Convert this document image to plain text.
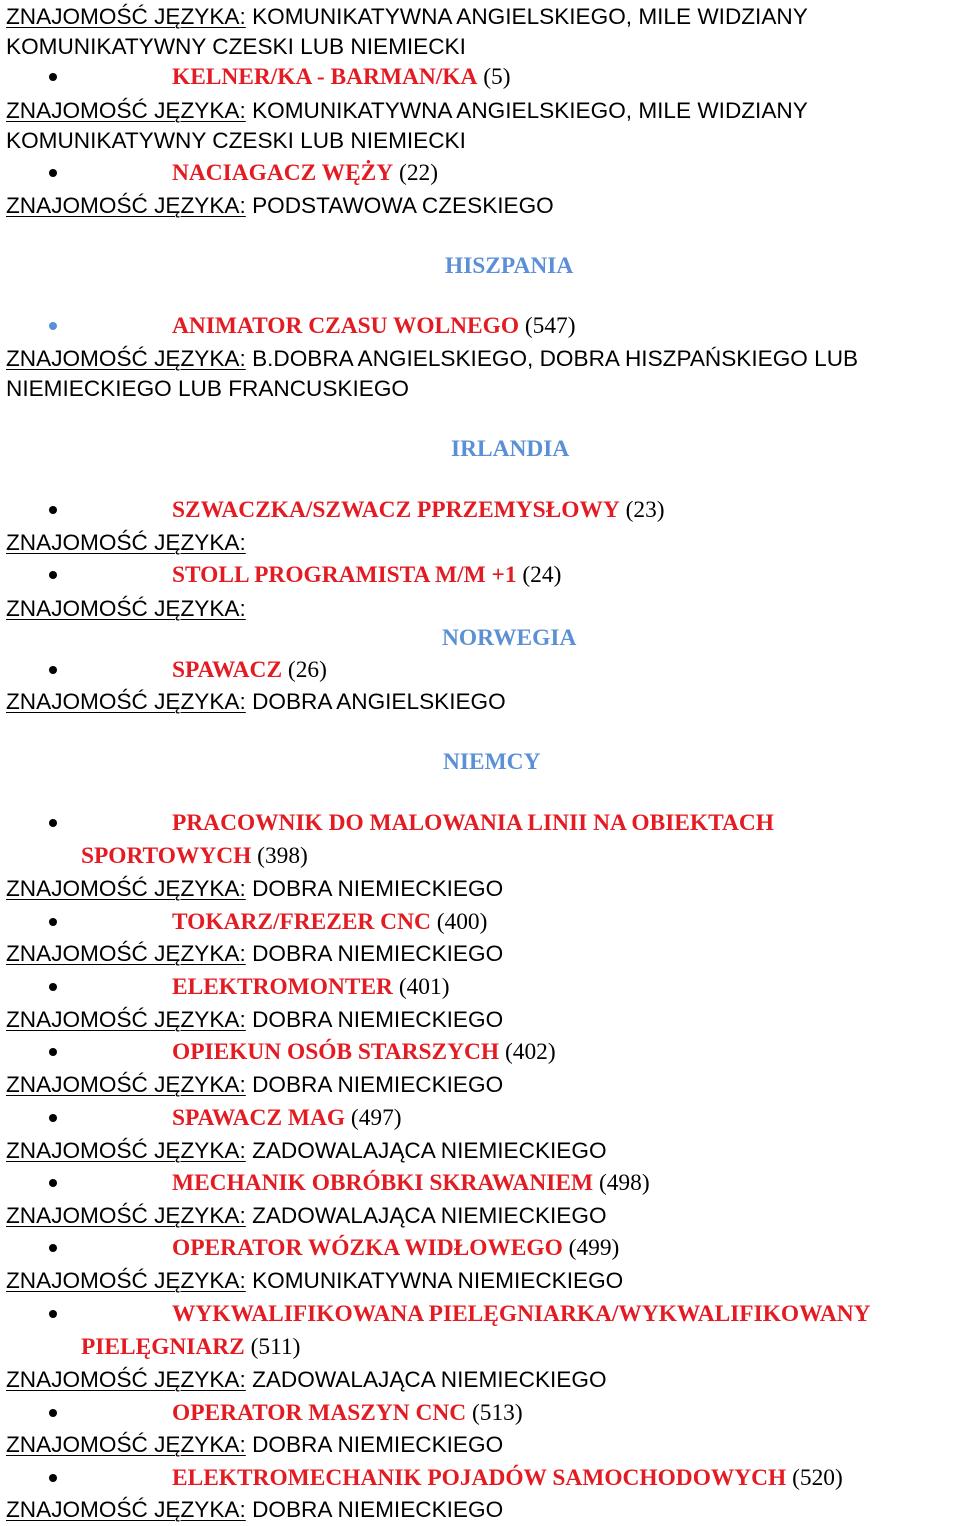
ZNAJOMOŚĆ JĘZYKA: KOMUNIKATYWNA ANGIELSKIEGO, MILE WIDZIANY
KOMUNIKATYWNY CZESKI LUB NIEMIECKI
KELNER/KA - BARMAN/KA (5)
ZNAJOMOŚĆ JĘZYKA: KOMUNIKATYWNA ANGIELSKIEGO, MILE WIDZIANY
KOMUNIKATYWNY CZESKI LUB NIEMIECKI
NACIAGACZ WĘŻY (22)
ZNAJOMOŚĆ JĘZYKA: PODSTAWOWA CZESKIEGO
HISZPANIA
ANIMATOR CZASU WOLNEGO (547)
ZNAJOMOŚĆ JĘZYKA: B.DOBRA ANGIELSKIEGO, DOBRA HISZPAŃSKIEGO LUB
NIEMIECKIEGO LUB FRANCUSKIEGO
IRLANDIA
SZWACZKA/SZWACZ PPRZEMYSŁOWY (23)
ZNAJOMOŚĆ JĘZYKA:
STOLL PROGRAMISTA M/M +1 (24)
ZNAJOMOŚĆ JĘZYKA:
NORWEGIA
SPAWACZ (26)
ZNAJOMOŚĆ JĘZYKA: DOBRA ANGIELSKIEGO
NIEMCY
PRACOWNIK DO MALOWANIA LINII NA OBIEKTACH
SPORTOWYCH (398)
ZNAJOMOŚĆ JĘZYKA: DOBRA NIEMIECKIEGO
TOKARZ/FREZER CNC (400)
ZNAJOMOŚĆ JĘZYKA: DOBRA NIEMIECKIEGO
ELEKTROMONTER (401)
ZNAJOMOŚĆ JĘZYKA: DOBRA NIEMIECKIEGO
OPIEKUN OSÓB STARSZYCH (402)
ZNAJOMOŚĆ JĘZYKA: DOBRA NIEMIECKIEGO
SPAWACZ MAG (497)
ZNAJOMOŚĆ JĘZYKA: ZADOWALAJĄCA NIEMIECKIEGO
MECHANIK OBRÓBKI SKRAWANIEM (498)
ZNAJOMOŚĆ JĘZYKA: ZADOWALAJĄCA NIEMIECKIEGO
OPERATOR WÓZKA WIDŁOWEGO (499)
ZNAJOMOŚĆ JĘZYKA: KOMUNIKATYWNA NIEMIECKIEGO
WYKWALIFIKOWANA PIELĘGNIARKA/WYKWALIFIKOWANY
PIELĘGNIARZ (511)
ZNAJOMOŚĆ JĘZYKA: ZADOWALAJĄCA NIEMIECKIEGO
OPERATOR MASZYN CNC (513)
ZNAJOMOŚĆ JĘZYKA: DOBRA NIEMIECKIEGO
ELEKTROMECHANIK POJADÓW SAMOCHODOWYCH (520)
ZNAJOMOŚĆ JĘZYKA: DOBRA NIEMIECKIEGO
